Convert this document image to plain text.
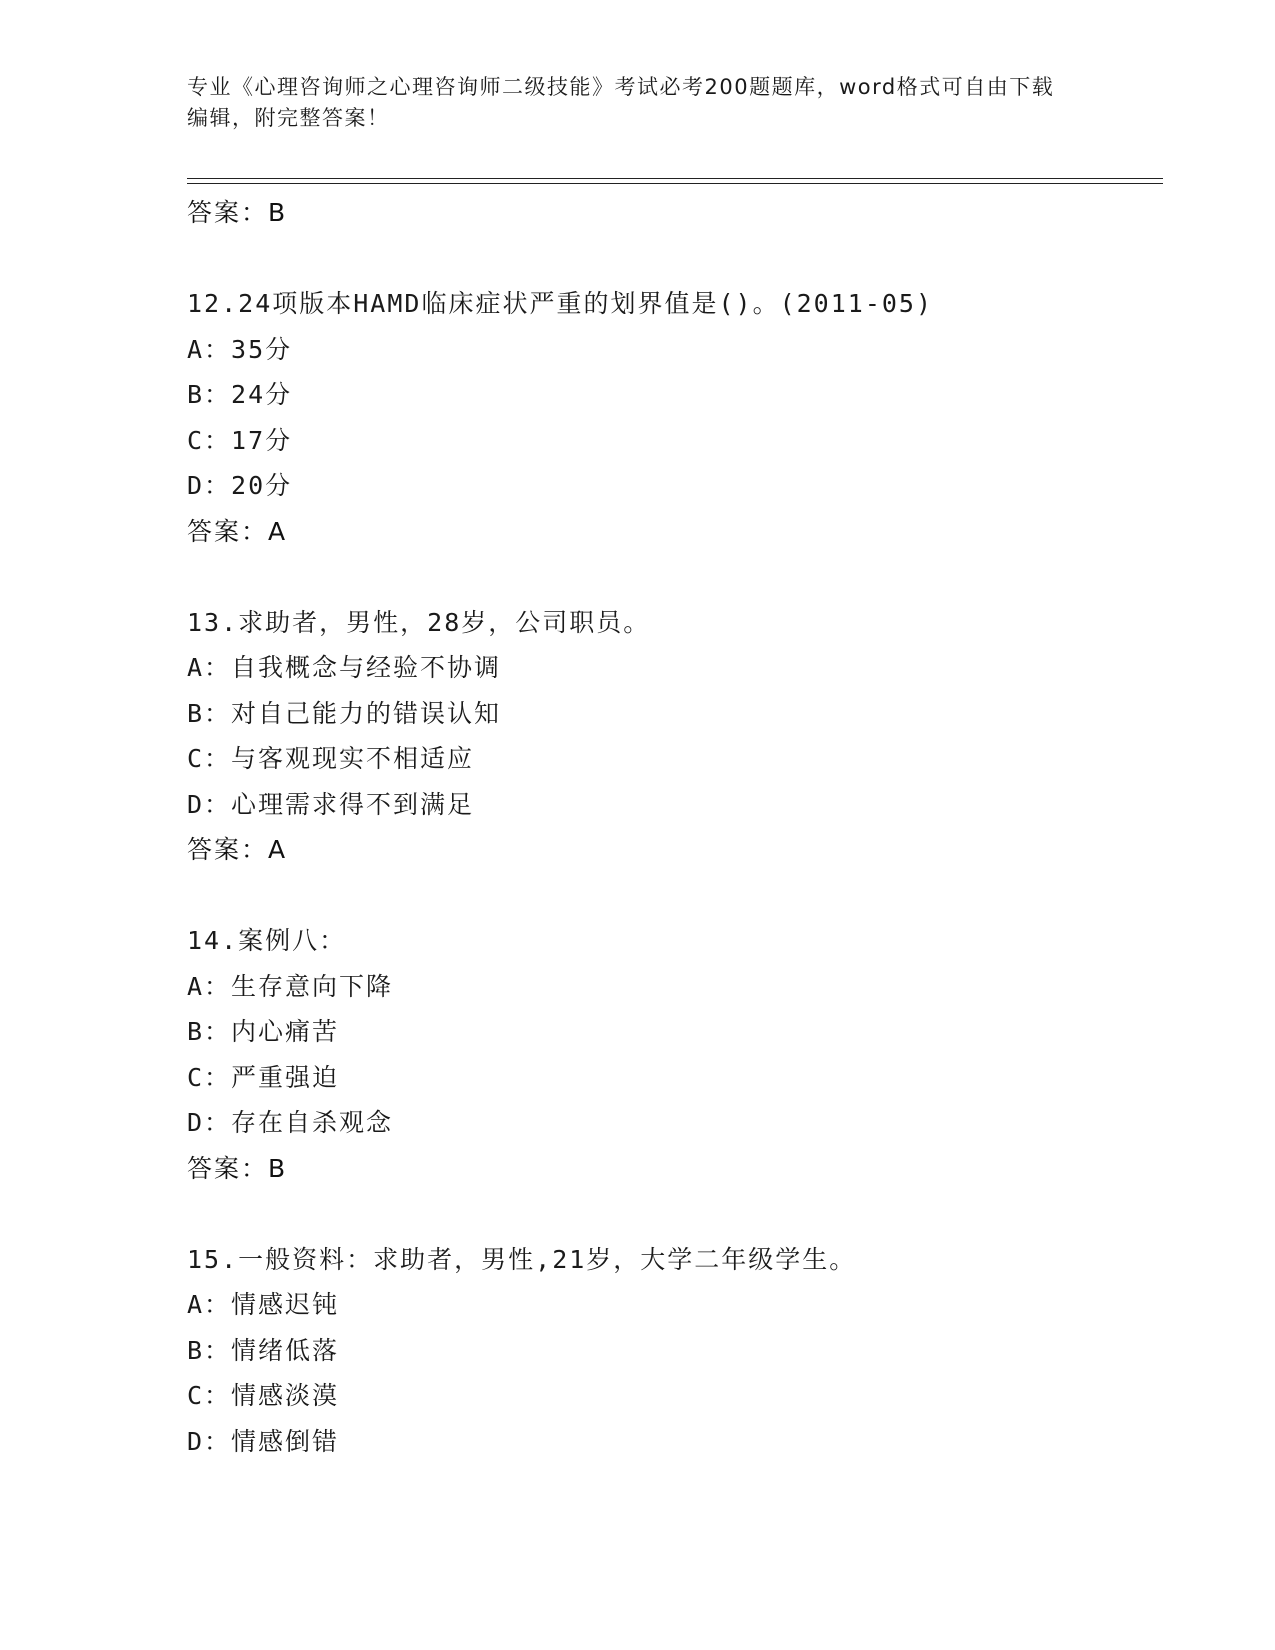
专业《心理咨询师之心理咨询师二级技能》考试必考200题题库，word格式可自由下载编辑，附完整答案！
答案：B
12.24项版本HAMD临床症状严重的划界值是()。(2011-05)
A：35分
B：24分
C：17分
D：20分
答案：A
13.求助者，男性，28岁，公司职员。
A：自我概念与经验不协调
B：对自己能力的错误认知
C：与客观现实不相适应
D：心理需求得不到满足
答案：A
14.案例八：
A：生存意向下降
B：内心痛苦
C：严重强迫
D：存在自杀观念
答案：B
15.一般资料：求助者，男性,21岁，大学二年级学生。
A：情感迟钝
B：情绪低落
C：情感淡漠
D：情感倒错
